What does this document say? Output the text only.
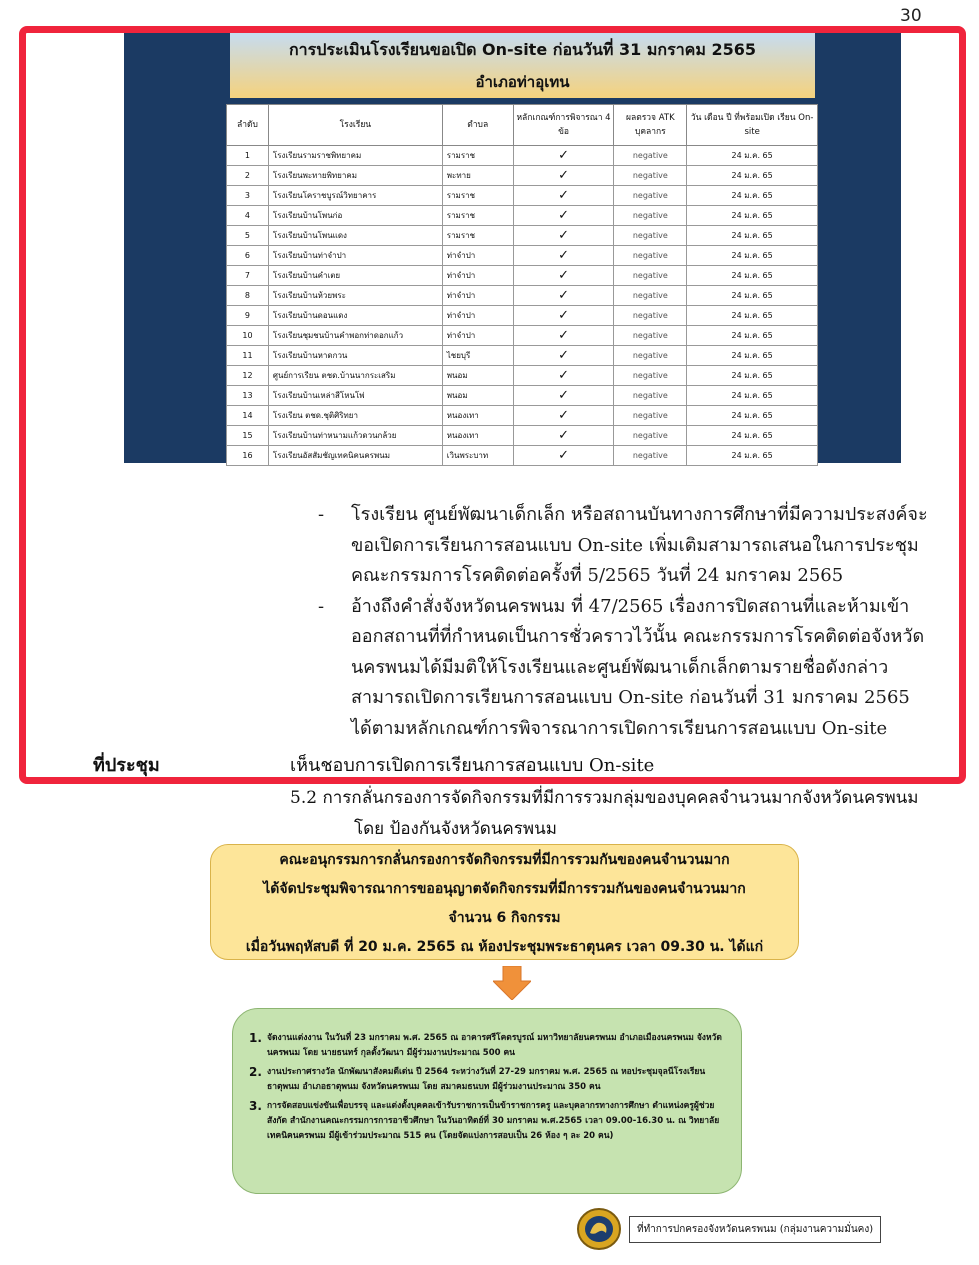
30
การประเมินโรงเรียนขอเปิด On-site ก่อนวันที่ 31 มกราคม 2565
อำเภอท่าอุเทน
ลำดับ	โรงเรียน	ตำบล	หลักเกณฑ์การพิจารณา 4 ข้อ	ผลตรวจ ATK บุคลากร	วัน เดือน ปี ที่พร้อมเปิด เรียน On-site
1	โรงเรียนรามราชพิทยาคม	รามราช	✓	negative	24 ม.ค. 65
2	โรงเรียนพะทายพิทยาคม	พะทาย	✓	negative	24 ม.ค. 65
3	โรงเรียนโคราชบูรณ์วิทยาคาร	รามราช	✓	negative	24 ม.ค. 65
4	โรงเรียนบ้านโพนก่อ	รามราช	✓	negative	24 ม.ค. 65
5	โรงเรียนบ้านโพนแดง	รามราช	✓	negative	24 ม.ค. 65
6	โรงเรียนบ้านท่าจำปา	ท่าจำปา	✓	negative	24 ม.ค. 65
7	โรงเรียนบ้านคำเตย	ท่าจำปา	✓	negative	24 ม.ค. 65
8	โรงเรียนบ้านห้วยพระ	ท่าจำปา	✓	negative	24 ม.ค. 65
9	โรงเรียนบ้านดอนแดง	ท่าจำปา	✓	negative	24 ม.ค. 65
10	โรงเรียนชุมชนบ้านคำพอกท่าดอกแก้ว	ท่าจำปา	✓	negative	24 ม.ค. 65
11	โรงเรียนบ้านหาดกวน	ไชยบุรี	✓	negative	24 ม.ค. 65
12	ศูนย์การเรียน ตชด.บ้านนากระเสริม	พนอม	✓	negative	24 ม.ค. 65
13	โรงเรียนบ้านเหล่าสีโหนโพ่	พนอม	✓	negative	24 ม.ค. 65
14	โรงเรียน ตชด.ชุติศิริทยา	หนองเทา	✓	negative	24 ม.ค. 65
15	โรงเรียนบ้านท่าหนามแก้วดวนกล้วย	หนองเทา	✓	negative	24 ม.ค. 65
16	โรงเรียนอัสสัมชัญเทคนิคนครพนม	เวินพระบาท	✓	negative	24 ม.ค. 65
-	โรงเรียน ศูนย์พัฒนาเด็กเล็ก หรือสถานบันทางการศึกษาที่มีความประสงค์จะขอเปิดการเรียนการสอนแบบ On-site เพิ่มเติมสามารถเสนอในการประชุมคณะกรรมการโรคติดต่อครั้งที่ 5/2565 วันที่ 24 มกราคม 2565
-	อ้างถึงคำสั่งจังหวัดนครพนม ที่ 47/2565 เรื่องการปิดสถานที่และห้ามเข้าออกสถานที่ที่กำหนดเป็นการชั่วคราวไว้นั้น คณะกรรมการโรคติดต่อจังหวัดนครพนมได้มีมติให้โรงเรียนและศูนย์พัฒนาเด็กเล็กตามรายชื่อดังกล่าวสามารถเปิดการเรียนการสอนแบบ On-site ก่อนวันที่ 31 มกราคม 2565 ได้ตามหลักเกณฑ์การพิจารณาการเปิดการเรียนการสอนแบบ On-site
ที่ประชุม	เห็นชอบการเปิดการเรียนการสอนแบบ On-site
5.2 การกลั่นกรองการจัดกิจกรรมที่มีการรวมกลุ่มของบุคคลจำนวนมากจังหวัดนครพนม
โดย ป้องกันจังหวัดนครพนม
คณะอนุกรรมการกลั่นกรองการจัดกิจกรรมที่มีการรวมกันของคนจำนวนมาก
ได้จัดประชุมพิจารณาการขออนุญาตจัดกิจกรรมที่มีการรวมกันของคนจำนวนมาก
จำนวน 6 กิจกรรม
เมื่อวันพฤหัสบดี ที่ 20 ม.ค. 2565 ณ ห้องประชุมพระธาตุนคร เวลา 09.30 น. ได้แก่
1. จัดงานแต่งงาน ในวันที่ 23 มกราคม พ.ศ. 2565 ณ อาคารศรีโคตรบูรณ์ มหาวิทยาลัยนครพนม อำเภอเมืองนครพนม จังหวัดนครพนม โดย นายธนทร์ กุลตั้งวัฒนา มีผู้ร่วมงานประมาณ 500 คน
2. งานประกาศรางวัล นักพัฒนาสังคมดีเด่น ปี 2564 ระหว่างวันที่ 27-29 มกราคม พ.ศ. 2565 ณ หอประชุมจุลนีโรงเรียนธาตุพนม อำเภอธาตุพนม จังหวัดนครพนม โดย สมาคมธนบท มีผู้ร่วมงานประมาณ 350 คน
3. การจัดสอบแข่งขันเพื่อบรรจุ และแต่งตั้งบุคคลเข้ารับราชการเป็นข้าราชการครู และบุคลากรทางการศึกษา ตำแหน่งครูผู้ช่วย สังกัด สำนักงานคณะกรรมการการอาชีวศึกษา ในวันอาทิตย์ที่ 30 มกราคม พ.ศ.2565 เวลา 09.00-16.30 น. ณ วิทยาลัยเทคนิคนครพนม มีผู้เข้าร่วมประมาณ 515 คน (โดยจัดแบ่งการสอบเป็น 26 ห้อง ๆ ละ 20 คน)
ที่ทำการปกครองจังหวัดนครพนม (กลุ่มงานความมั่นคง)
